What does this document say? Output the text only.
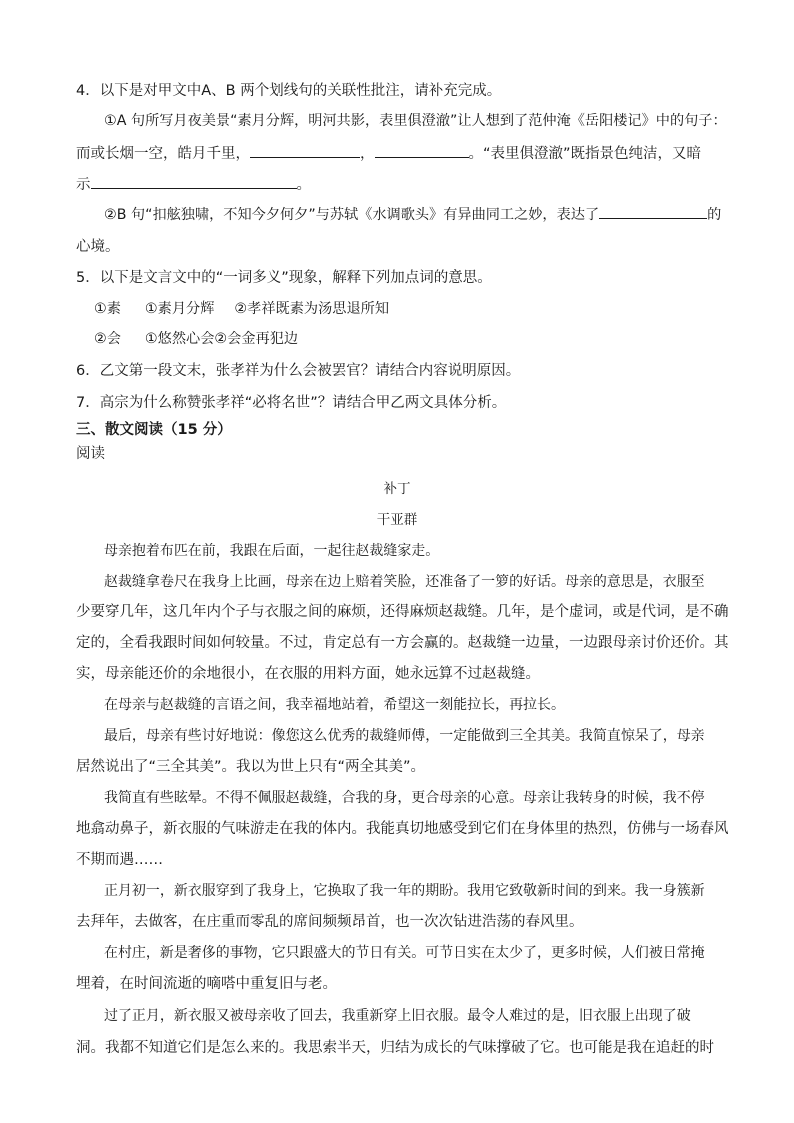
4．以下是对甲文中A、B 两个划线句的关联性批注，请补充完成。
①A 句所写月夜美景“素月分辉，明河共影，表里俱澄澈”让人想到了范仲淹《岳阳楼记》中的句子：
而或长烟一空，皓月千里，	，	。“表里俱澄澈”既指景色纯洁，又暗
示	。
②B 句“扣舷独啸，不知今夕何夕”与苏轼《水调歌头》有异曲同工之妙，表达了	的
心境。
5．以下是文言文中的“一词多义”现象，解释下列加点词的意思。
①素 ①素月分辉 ②孝祥既素为汤思退所知
②会 ①悠然心会②会金再犯边
6．乙文第一段文末，张孝祥为什么会被罢官？请结合内容说明原因。
7．高宗为什么称赞张孝祥“必将名世”？请结合甲乙两文具体分析。
三、散文阅读（15 分）
阅读
补丁
干亚群
母亲抱着布匹在前，我跟在后面，一起往赵裁缝家走。
赵裁缝拿卷尺在我身上比画，母亲在边上赔着笑脸，还准备了一箩的好话。母亲的意思是，衣服至
少要穿几年，这几年内个子与衣服之间的麻烦，还得麻烦赵裁缝。几年，是个虚词，或是代词，是不确
定的，全看我跟时间如何较量。不过，肯定总有一方会赢的。赵裁缝一边量，一边跟母亲讨价还价。其
实，母亲能还价的余地很小，在衣服的用料方面，她永远算不过赵裁缝。
在母亲与赵裁缝的言语之间，我幸福地站着，希望这一刻能拉长，再拉长。
最后，母亲有些讨好地说：像您这么优秀的裁缝师傅，一定能做到三全其美。我简直惊呆了，母亲
居然说出了“三全其美”。我以为世上只有“两全其美”。
我简直有些眩晕。不得不佩服赵裁缝，合我的身，更合母亲的心意。母亲让我转身的时候，我不停
地翕动鼻子，新衣服的气味游走在我的体内。我能真切地感受到它们在身体里的热烈，仿佛与一场春风
不期而遇……
正月初一，新衣服穿到了我身上，它换取了我一年的期盼。我用它致敬新时间的到来。我一身簇新
去拜年，去做客，在庄重而零乱的席间频频昂首，也一次次钻进浩荡的春风里。
在村庄，新是奢侈的事物，它只跟盛大的节日有关。可节日实在太少了，更多时候，人们被日常掩
埋着，在时间流逝的嘀嗒中重复旧与老。
过了正月，新衣服又被母亲收了回去，我重新穿上旧衣服。最令人难过的是，旧衣服上出现了破
洞。我都不知道它们是怎么来的。我思索半天，归结为成长的气味撑破了它。也可能是我在追赶的时
